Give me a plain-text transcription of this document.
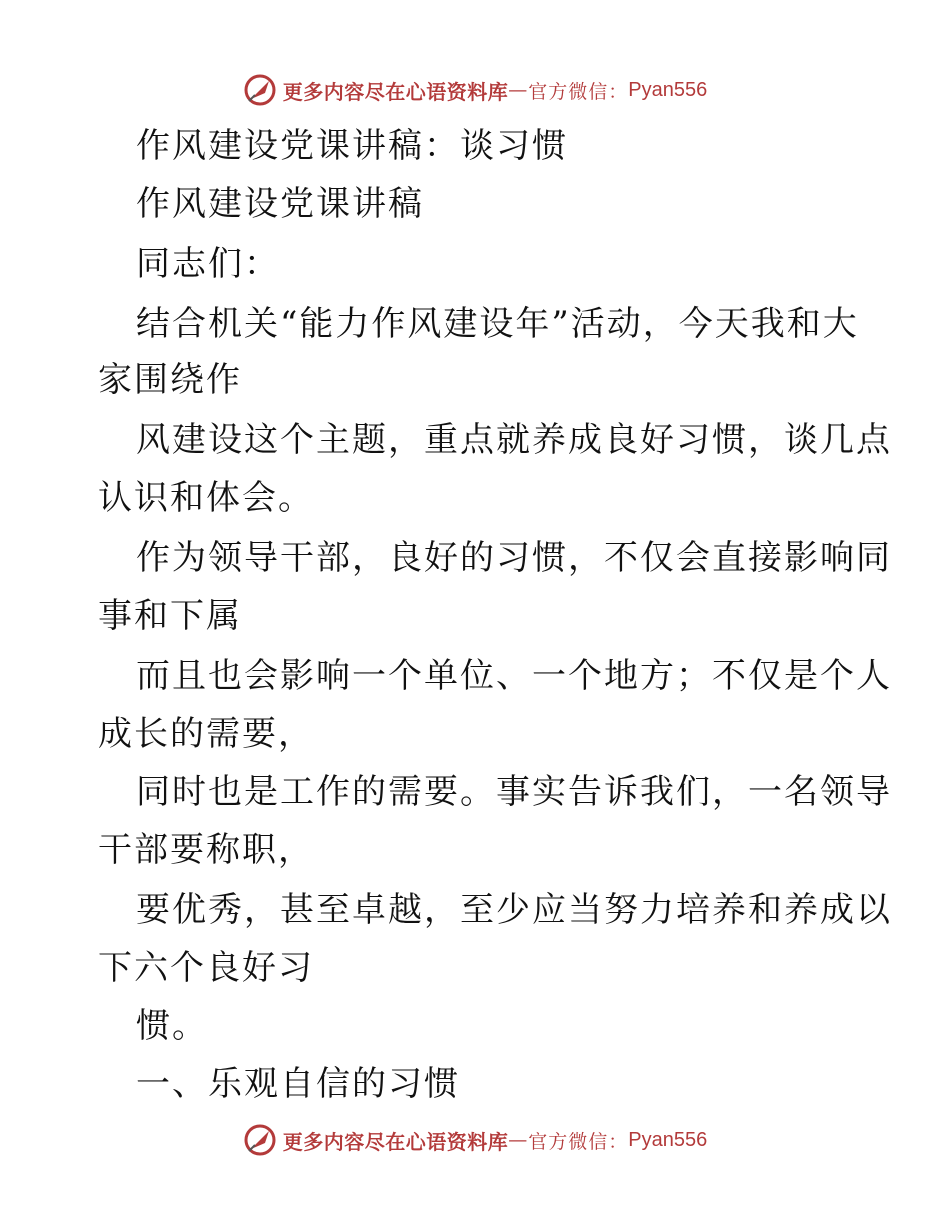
更多内容尽在心语资料库 — 官方微信： Pyan556
作风建设党课讲稿：谈习惯
作风建设党课讲稿
同志们：
结合机关“能力作风建设年”活动，今天我和大
家围绕作
风建设这个主题，重点就养成良好习惯，谈几点
认识和体会。
作为领导干部，良好的习惯，不仅会直接影响同
事和下属
而且也会影响一个单位、一个地方；不仅是个人
成长的需要，
同时也是工作的需要。事实告诉我们，一名领导
干部要称职，
要优秀，甚至卓越，至少应当努力培养和养成以
下六个良好习
惯。
一、乐观自信的习惯
更多内容尽在心语资料库 — 官方微信： Pyan556
